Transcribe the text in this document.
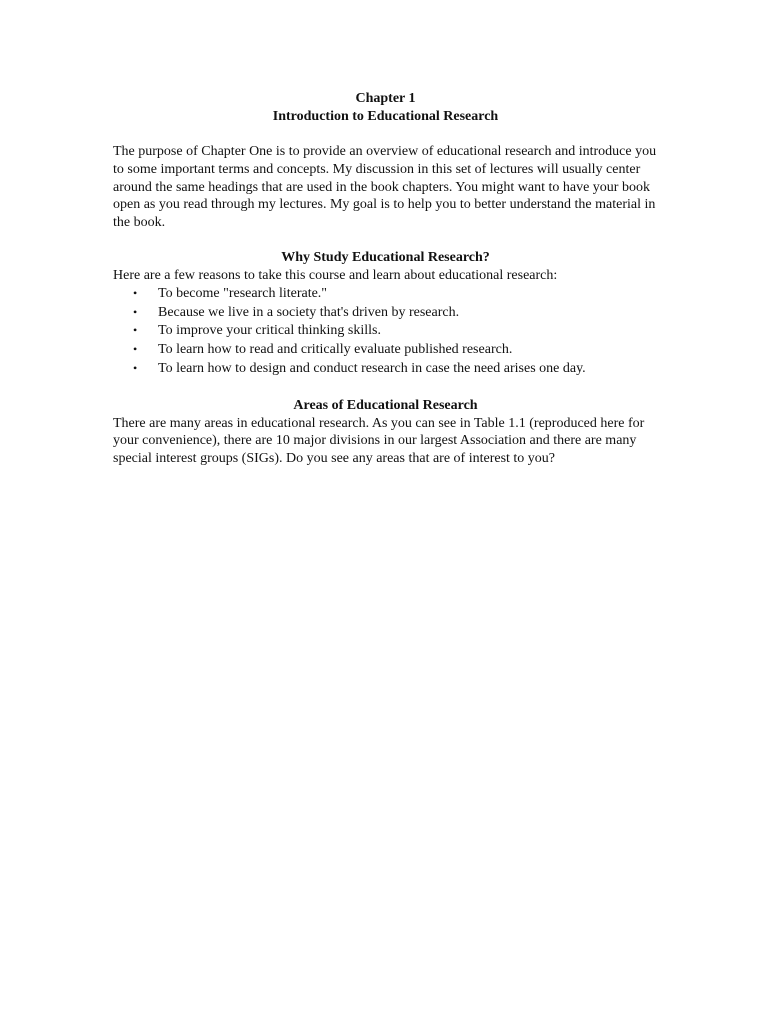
Chapter 1

Introduction to Educational Research

The purpose of Chapter One is to provide an overview of educational research and introduce you to some important terms and concepts. My discussion in this set of lectures will usually center around the same headings that are used in the book chapters. You might want to have your book open as you read through my lectures. My goal is to help you to better understand the material in the book.

Why Study Educational Research?

Here are a few reasons to take this course and learn about educational research:

• To become "research literate."
• Because we live in a society that's driven by research.
• To improve your critical thinking skills.
• To learn how to read and critically evaluate published research.
• To learn how to design and conduct research in case the need arises one day.

Areas of Educational Research

There are many areas in educational research. As you can see in Table 1.1 (reproduced here for your convenience), there are 10 major divisions in our largest Association and there are many special interest groups (SIGs). Do you see any areas that are of interest to you?
